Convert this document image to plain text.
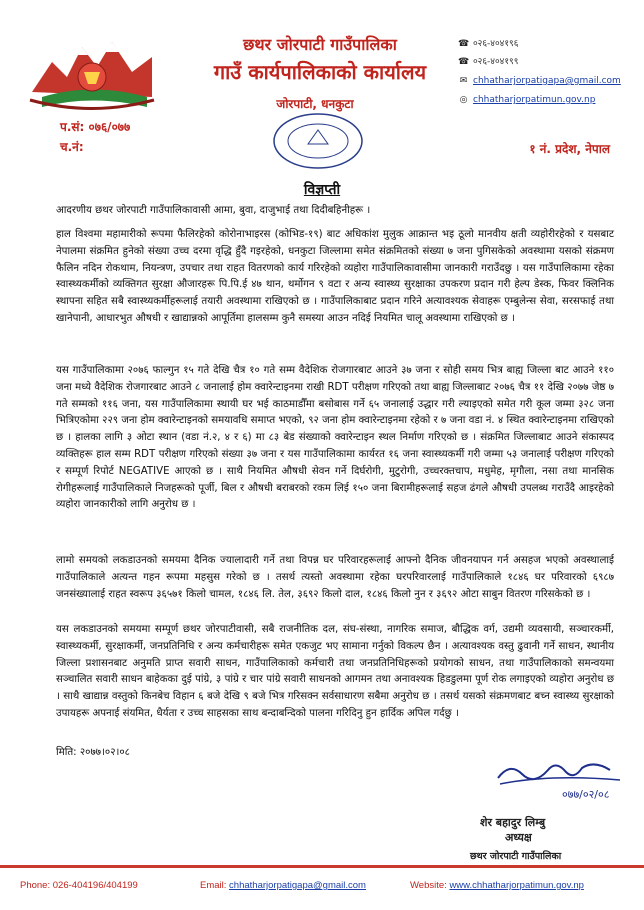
छथर जोरपाटी गाउँपालिका
गाउँ कार्यपालिकाको कार्यालय
जोरपाटी, धनकुटा
☎ ०२६-४०४१९६
☎ ०२६-४०४१९९
✉ chhatharjorpatigapa@gmail.com
◎ chhatharjorpatimun.gov.np
प.सं: ०७६/०७७
च.नं:	१ नं. प्रदेश, नेपाल
विज्ञप्ती
आदरणीय छथर जोरपाटी गाउँपालिकावासी आमा, बुवा, दाजुभाई तथा दिदीबहिनीहरू ।
हाल विश्वमा महामारीको रूपमा फैलिरहेको कोरोनाभाइरस (कोभिड-१९) बाट अधिकांश मुलुक आक्रान्त भइ ठूलो मानवीय क्षती व्यहोरीरहेको र यसबाट नेपालमा संक्रमित हुनेको संख्या उच्च दरमा वृद्धि हुँदै गइरहेको, धनकुटा जिल्लामा समेत संक्रमितको संख्या ७ जना पुगिसकेको अवस्थामा यसको संक्रमण फैलिन नदिन रोकथाम, नियन्त्रण, उपचार तथा राहत वितरणको कार्य गरिरहेको व्यहोरा गाउँपालिकावासीमा जानकारी गराउँदछु । यस गाउँपालिकामा रहेका स्वास्थ्यकर्मीको व्यक्तिगत सुरक्षा औजारहरू पि.पि.ई ४७ थान, थर्मोगन ९ वटा र अन्य स्वास्थ्य सुरक्षाका उपकरण प्रदान गरी हेल्प डेस्क, फिवर क्लिनिक स्थापना सहित सबै स्वास्थ्यकर्मीहरूलाई तयारी अवस्थामा राखिएको छ । गाउँपालिकाबाट प्रदान गरिने अत्यावश्यक सेवाहरू एम्बुलेन्स सेवा, सरसफाई तथा खानेपानी, आधारभुत औषधी र खाद्यान्नको आपूर्तिमा हालसम्म कुनै समस्या आउन नदिई नियमित चालू अवस्थामा राखिएको छ ।
यस गाउँपालिकामा २०७६ फाल्गुन १५ गते देखि चैत्र १० गते सम्म वैदेशिक रोजगारबाट आउने ३७ जना र सोही समय भित्र बाह्य जिल्ला बाट आउने ११० जना मध्ये वैदेशिक रोजगारबाट आउने ८ जनालाई होम क्वारेन्टाइनमा राखी RDT परीक्षण गरिएको तथा बाह्य जिल्लाबाट २०७६ चैत्र ११ देखि २०७७ जेष्ठ ७ गते सम्मको ११६ जना, यस गाउँपालिकामा स्थायी घर भई काठमाडौँमा बसोबास गर्ने ६५ जनालाई उद्धार गरी ल्याइएको समेत गरी कूल जम्मा ३२८ जना भित्रिएकोमा २२९ जना होम क्वारेन्टाइनको समयावधि समाप्त भएको, ९२ जना होम क्वारेन्टाइनमा रहेको र ७ जना वडा नं. ४ स्थित क्वारेन्टाइनमा राखिएको छ । हालका लागि ३ ओटा स्थान (वडा नं.२, ४ र ६) मा ८३ बेड संख्याको क्वारेन्टाइन स्थल निर्माण गरिएको छ । संक्रमित जिल्लाबाट आउने संकास्पद व्यक्तिहरू हाल सम्म RDT परीक्षण गरिएको संख्या ३७ जना र यस गाउँपालिकामा कार्यरत १६ जना स्वास्थ्यकर्मी गरी जम्मा ५३ जनालाई परीक्षण गरिएको र सम्पूर्ण रिपोर्ट NEGATIVE आएको छ । साथै नियमित औषधी सेवन गर्ने दिर्घरोगी, मुटुरोगी, उच्चरक्तचाप, मधुमेह, मृगौला, नसा तथा मानसिक रोगीहरूलाई गाउँपालिकाले निजहरूको पूर्जी, बिल र औषधी बराबरको रकम लिई १५० जना बिरामीहरूलाई सहज ढंगले औषधी उपलब्ध गराउँदै आइरहेको व्यहोरा जानकारीको लागि अनुरोध छ ।
लामो समयको लकडाउनको समयमा दैनिक ज्यालादारी गर्ने तथा विपन्न घर परिवारहरूलाई आफ्नो दैनिक जीवनयापन गर्न असहज भएको अवस्थालाई गाउँपालिकाले अत्यन्त गहन रूपमा महसुस गरेको छ । तसर्थ त्यस्तो अवस्थामा रहेका घरपरिवारलाई गाउँपालिकाले १८४६ घर परिवारको ६९८७ जनसंख्यालाई राहत स्वरूप ३६५७१ किलो चामल, १८४६ लि. तेल, ३६९२ किलो दाल, १८४६ किलो नुन र ३६९२ ओटा साबुन वितरण गरिसकेको छ ।
यस लकडाउनको समयमा सम्पूर्ण छथर जोरपाटीवासी, सबै राजनीतिक दल, संघ-संस्था, नागरिक समाज, बौद्धिक वर्ग, उद्यमी व्यवसायी, सञ्चारकर्मी, स्वास्थ्यकर्मी, सुरक्षाकर्मी, जनप्रतिनिधि र अन्य कर्मचारीहरू समेत एकजुट भए सामाना गर्नुको विकल्प छैन । अत्यावश्यक वस्तु ढुवानी गर्ने साधन, स्थानीय जिल्ला प्रशासनबाट अनुमति प्राप्त सवारी साधन, गाउँपालिकाको कर्मचारी तथा जनप्रतिनिधिहरूको प्रयोगको साधन, तथा गाउँपालिकाको समन्वयमा सञ्चालित सवारी साधन बाहेकका दुई पांग्रे, ३ पांग्रे र चार पांग्रे सवारी साधनको आगमन तथा अनावश्यक हिडडुलमा पूर्ण रोक लगाइएको व्यहोरा अनुरोध छ । साथै खाद्यान्न वस्तुको किनबेच विहान ६ बजे देखि ९ बजे भित्र गरिसक्न सर्वसाधारण सबैमा अनुरोध छ । तसर्थ यसको संक्रमणबाट बच्न स्वास्थ्य सुरक्षाको उपायहरू अपनाई संयमित, धैर्यता र उच्च साहसका साथ बन्दाबन्दिको पालना गरिदिनु हुन हार्दिक अपिल गर्दछु ।
मिति: २०७७।०२।०८
०७७/०२/०८
शेर बहादुर लिम्बु
अध्यक्ष
छथर जोरपाटी गाउँपालिका
Phone: 026-404196/404199	Email: chhatharjorpatigapa@gmail.com	Website: www.chhatharjorpatimun.gov.np
